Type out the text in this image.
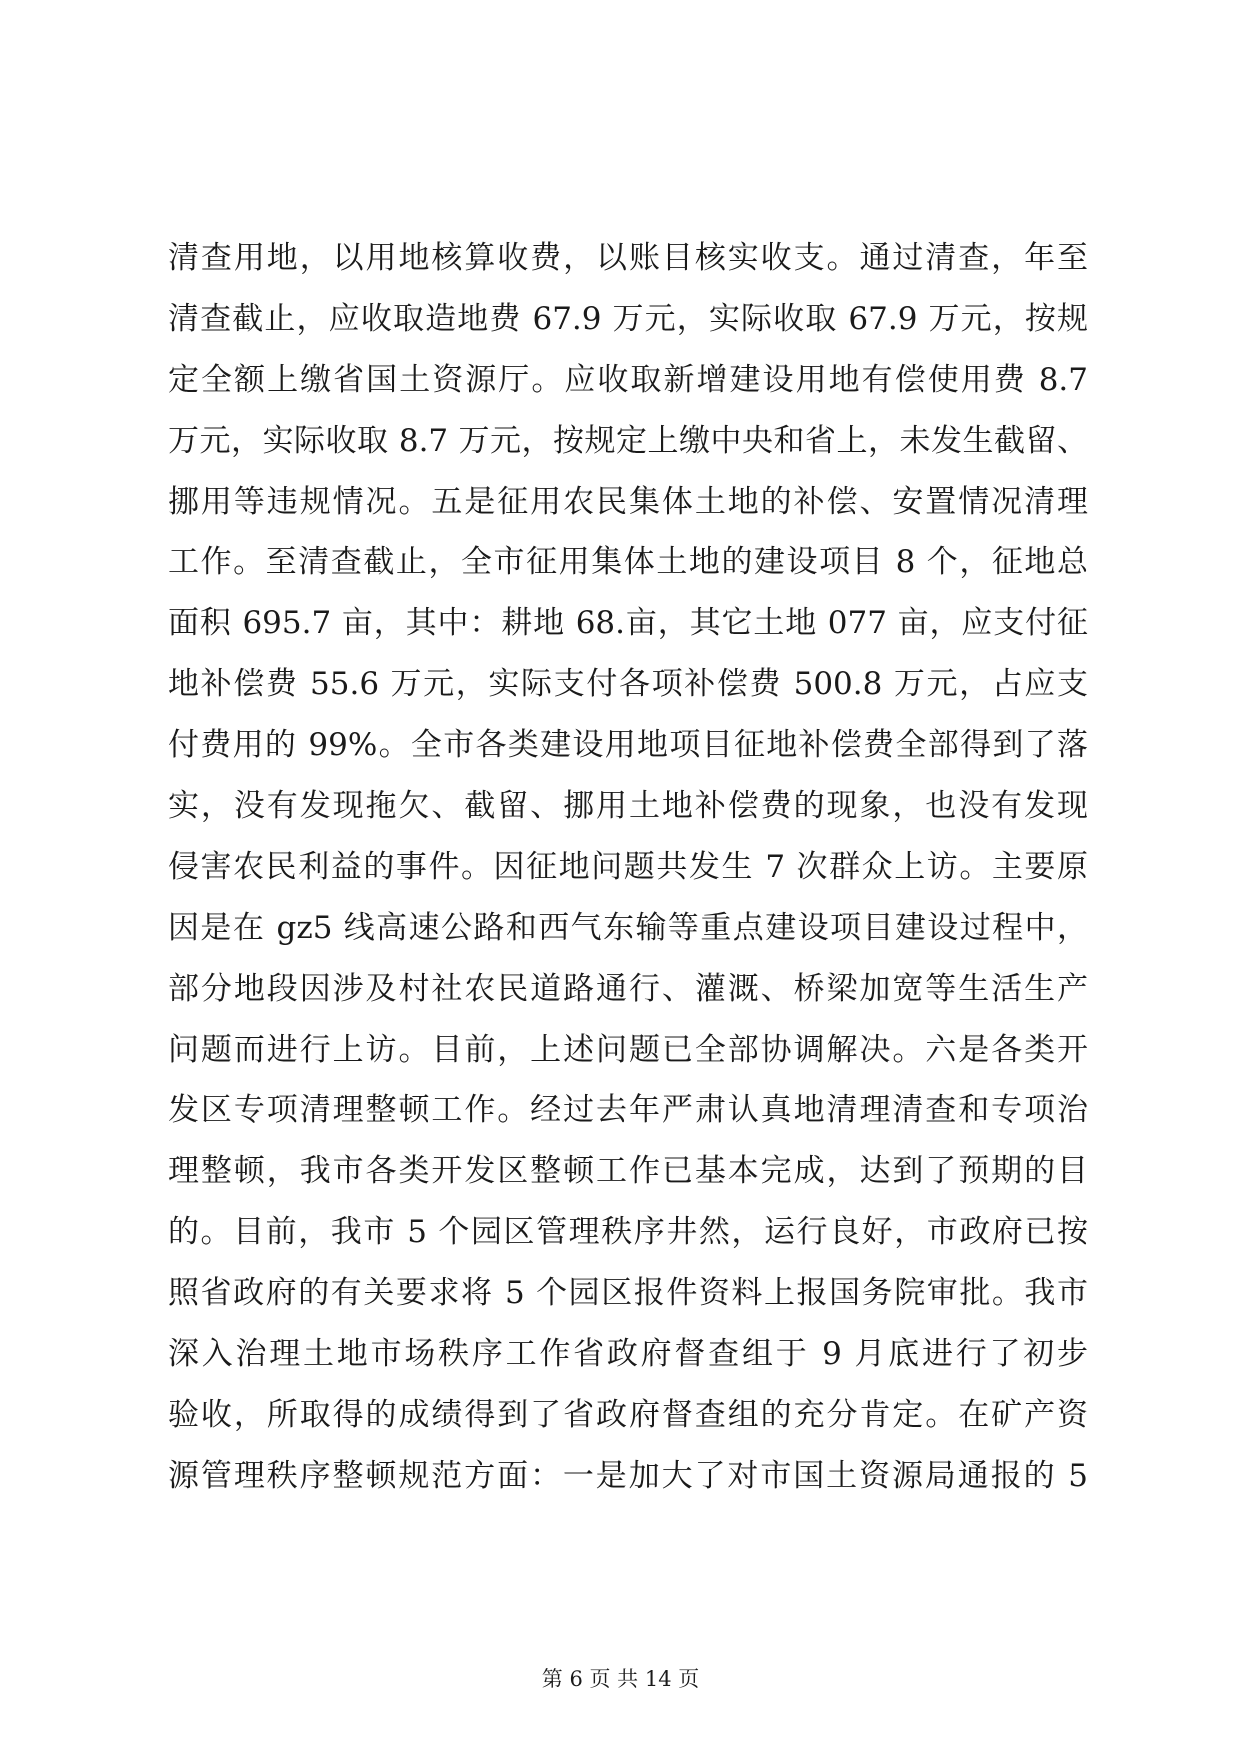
清查用地，以用地核算收费，以账目核实收支。通过清查，年至
清查截止，应收取造地费 67.9 万元，实际收取 67.9 万元，按规
定全额上缴省国土资源厅。应收取新增建设用地有偿使用费 8.7
万元，实际收取 8.7 万元，按规定上缴中央和省上，未发生截留、
挪用等违规情况。五是征用农民集体土地的补偿、安置情况清理
工作。至清查截止，全市征用集体土地的建设项目 8 个，征地总
面积 695.7 亩，其中：耕地 68.亩，其它土地 077 亩，应支付征
地补偿费 55.6 万元，实际支付各项补偿费 500.8 万元，占应支
付费用的 99%。全市各类建设用地项目征地补偿费全部得到了落
实，没有发现拖欠、截留、挪用土地补偿费的现象，也没有发现
侵害农民利益的事件。因征地问题共发生 7 次群众上访。主要原
因是在 gz5 线高速公路和西气东输等重点建设项目建设过程中，
部分地段因涉及村社农民道路通行、灌溉、桥梁加宽等生活生产
问题而进行上访。目前，上述问题已全部协调解决。六是各类开
发区专项清理整顿工作。经过去年严肃认真地清理清查和专项治
理整顿，我市各类开发区整顿工作已基本完成，达到了预期的目
的。目前，我市 5 个园区管理秩序井然，运行良好，市政府已按
照省政府的有关要求将 5 个园区报件资料上报国务院审批。我市
深入治理土地市场秩序工作省政府督查组于 9 月底进行了初步
验收，所取得的成绩得到了省政府督查组的充分肯定。在矿产资
源管理秩序整顿规范方面：一是加大了对市国土资源局通报的 5
第 6 页 共 14 页
